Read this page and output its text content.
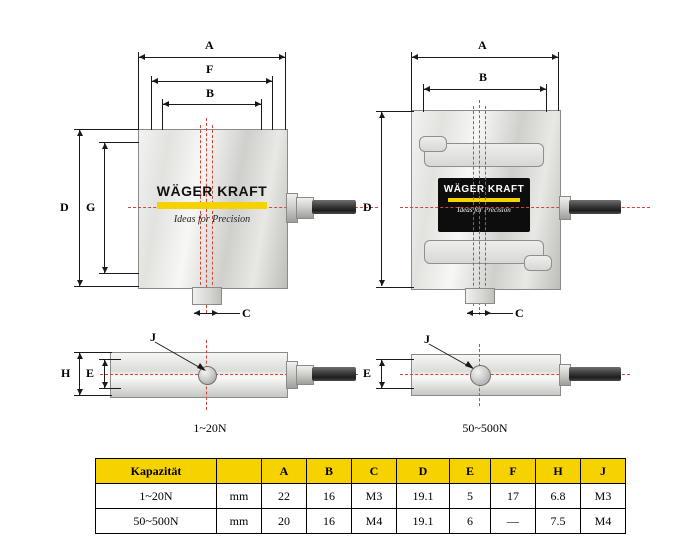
WÄGER KRAFT
Ideas for Precision
A
F
B
D G
C
J
H E
1~20N
WÄGER KRAFT
Ideas for Precision
A
B
D
C
J
E
50~500N
Kapazität		A	B	C	D	E	F	H	J
1~20N	mm	22	16	M3	19.1	5	17	6.8	M3
50~500N	mm	20	16	M4	19.1	6	—	7.5	M4
